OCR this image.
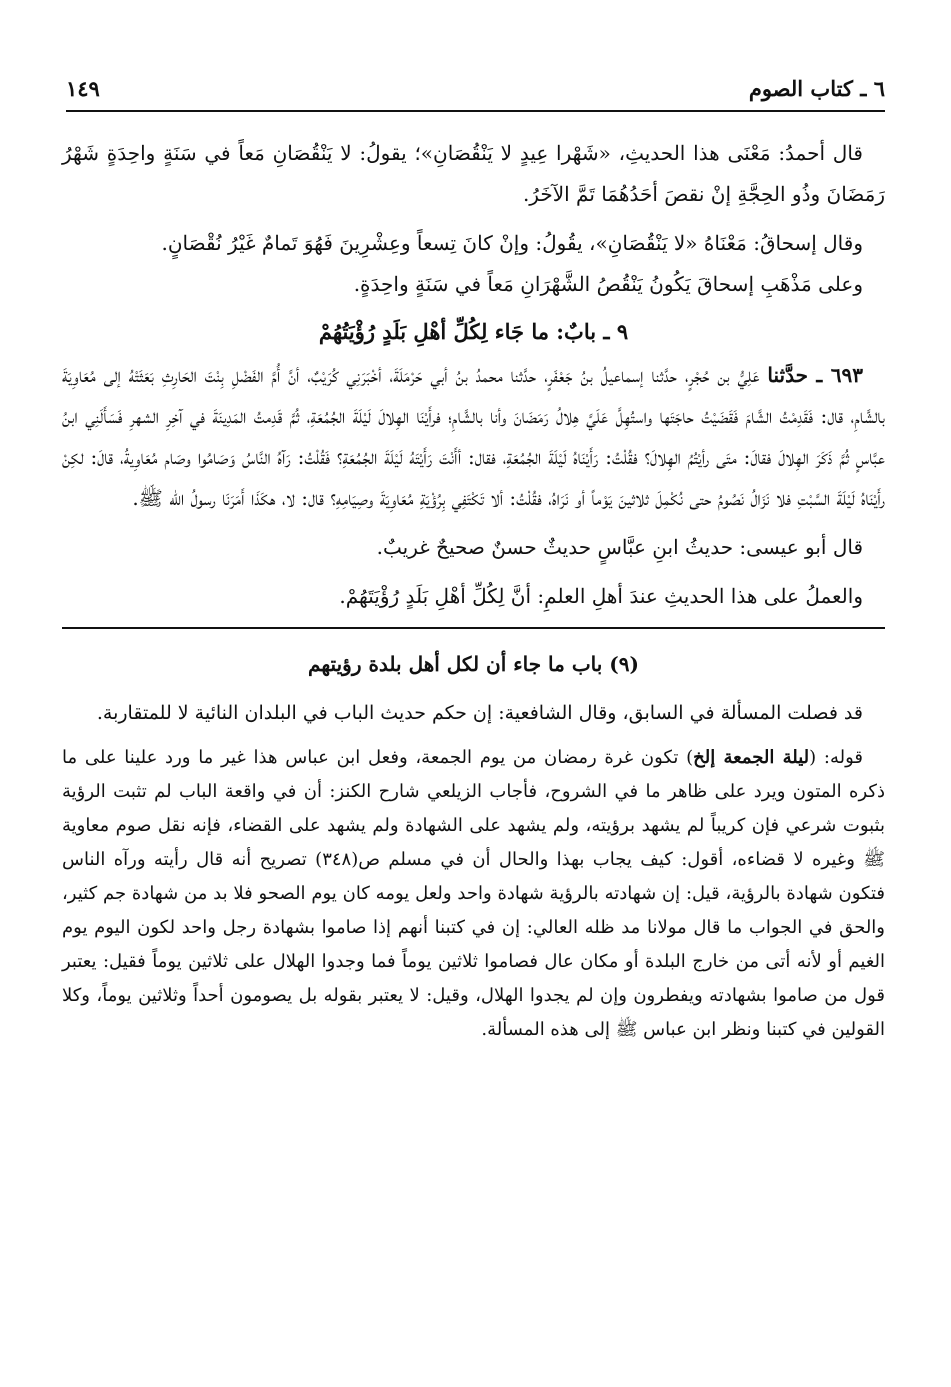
٦ ـ كتاب الصوم
١٤٩

قال أحمدُ: مَعْنَى هذا الحديثِ، «شَهْرا عِيدٍ لا يَنْقُصَانِ»؛ يقولُ: لا يَنْقُصَانِ مَعاً في سَنَةٍ واحِدَةٍ شَهْرُ رَمَضَانَ وذُو الحِجَّةِ إنْ نقصَ أحَدُهُمَا تَمَّ الآخَرُ.

وقال إسحاقُ: مَعْنَاهُ «لا يَنْقُصَانِ»، يقُولُ: وإنْ كانَ تِسعاً وعِشْرِينَ فَهُوَ تَمامٌ غَيْرُ نُقْصَانٍ.

وعلى مَذْهَبِ إسحاقَ يَكُونُ يَنْقُصُ الشَّهْرَانِ مَعاً في سَنَةٍ واحِدَةٍ.

٩ ـ بابٌ: ما جَاء لِكُلِّ أهْلِ بَلَدٍ رُؤْيَتُهُمْ

٦٩٣ ـ حدَّثنا عَلِيُّ بن حُجْرٍ، حدَّثنا إسماعيلُ بنُ جَعْفَرٍ، حدَّثنا محمدُ بنُ أبي حَرْمَلَةَ، أخْبَرَنِي كُرَيْبٌ، أنَّ أُمَّ الفَضْلِ بِنْتَ الحَارِثِ بَعَثَتْهُ إلى مُعَاوِيَةَ بالشَّامِ، قال: فَقَدِمْتُ الشَّامَ فَقَضَيْتُ حاجَتَها واستُهِلَّ عَلَيَّ هِلالُ رَمَضَانَ وأنا بالشَّامِ؛ فرأَيْنَا الهِلالَ لَيْلَةَ الجُمُعَةِ، ثُمَّ قَدِمتُ المَدِينَةَ في آخِرِ الشهرِ فَسَأَلَنِي ابنُ عبَّاسٍ ثُمَّ ذَكَرَ الهِلالَ فقالَ: متَى رأيْتُمُ الهِلالَ؟ فقُلْتُ: رَأَيْنَاهُ لَيْلَةَ الجُمُعَةِ، فقال: أأَنْتَ رَأَيْتَهُ لَيْلَةَ الجُمُعَةِ؟ فَقُلْتُ: رَآهُ النَّاسُ وَصَامُوا وصَام مُعَاوِيةُ، قالَ: لكِنْ رأَيْنَاهُ لَيْلَةَ السَّبْتِ فلا نَزَالُ نَصُومُ حتى نُكْمِلَ ثلاثينَ يَوْماً أو نَرَاهُ، فقُلْتُ: ألا تَكْتَفِي بِرُؤْيَةِ مُعَاوِيَةَ وصِيَامِهِ؟ قال: لا، هكَذَا أَمَرَنَا رسولُ الله ﷺ.

قال أبو عيسى: حديثُ ابنِ عبَّاسٍ حديثٌ حسنٌ صحيحٌ غريبٌ.

والعملُ على هذا الحديثِ عندَ أهلِ العلمِ: أنَّ لِكُلِّ أهْلِ بَلَدٍ رُؤْيَتَهُمْ.

(٩) باب ما جاء أن لكل أهل بلدة رؤيتهم

قد فصلت المسألة في السابق، وقال الشافعية: إن حكم حديث الباب في البلدان النائية لا للمتقاربة.

قوله: (ليلة الجمعة إلخ) تكون غرة رمضان من يوم الجمعة، وفعل ابن عباس هذا غير ما ورد علينا على ما ذكره المتون ويرد على ظاهر ما في الشروح، فأجاب الزيلعي شارح الكنز: أن في واقعة الباب لم تثبت الرؤية بثبوت شرعي فإن كريباً لم يشهد برؤيته، ولم يشهد على الشهادة ولم يشهد على القضاء، فإنه نقل صوم معاوية ﷺ وغيره لا قضاءه، أقول: كيف يجاب بهذا والحال أن في مسلم ص(٣٤٨) تصريح أنه قال رأيته ورآه الناس فتكون شهادة بالرؤية، قيل: إن شهادته بالرؤية شهادة واحد ولعل يومه كان يوم الصحو فلا بد من شهادة جم كثير، والحق في الجواب ما قال مولانا مد ظله العالي: إن في كتبنا أنهم إذا صاموا بشهادة رجل واحد لكون اليوم يوم الغيم أو لأنه أتى من خارج البلدة أو مكان عال فصاموا ثلاثين يوماً فما وجدوا الهلال على ثلاثين يوماً فقيل: يعتبر قول من صاموا بشهادته ويفطرون وإن لم يجدوا الهلال، وقيل: لا يعتبر بقوله بل يصومون أحداً وثلاثين يوماً، وكلا القولين في كتبنا ونظر ابن عباس ﷺ إلى هذه المسألة.
